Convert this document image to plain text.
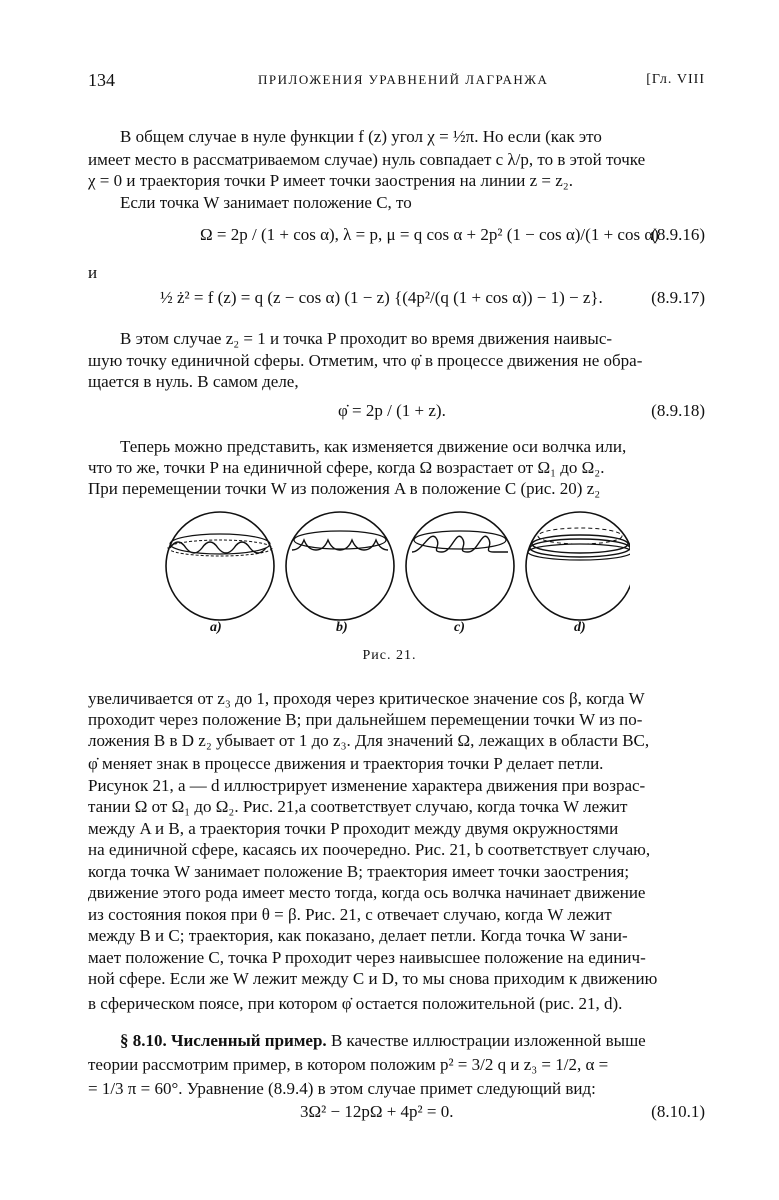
134	ПРИЛОЖЕНИЯ УРАВНЕНИЙ ЛАГРАНЖА	[Гл. VIII
В общем случае в нуле функции f (z) угол χ = ½π. Но если (как это
имеет место в рассматриваемом случае) нуль совпадает с λ/p, то в этой точке
χ = 0 и траектория точки P имеет точки заострения на линии z = z₂.
Если точка W занимает положение C, то
Ω = 2p / (1 + cos α), λ = p, μ = q cos α + 2p² (1 − cos α)/(1 + cos α)
(8.9.16)
и
½ ż² = f (z) = q (z − cos α) (1 − z) {(4p²/(q (1 + cos α)) − 1) − z}.	(8.9.17)
В этом случае z₂ = 1 и точка P проходит во время движения наивыс-
шую точку единичной сферы. Отметим, что φ̇ в процессе движения не обра-
щается в нуль. В самом деле,
φ̇ = 2p / (1 + z).	(8.9.18)
Теперь можно представить, как изменяется движение оси волчка или,
что то же, точки P на единичной сфере, когда Ω возрастает от Ω₁ до Ω₂.
При перемещении точки W из положения A в положение C (рис. 20) z₂
a)	b)	c)	d)
Рис. 21.
увеличивается от z₃ до 1, проходя через критическое значение cos β, когда W
проходит через положение B; при дальнейшем перемещении точки W из по-
ложения B в D z₂ убывает от 1 до z₃. Для значений Ω, лежащих в области BC,
φ̇ меняет знак в процессе движения и траектория точки P делает петли.
Рисунок 21, a — d иллюстрирует изменение характера движения при возрас-
тании Ω от Ω₁ до Ω₂. Рис. 21,a соответствует случаю, когда точка W лежит
между A и B, а траектория точки P проходит между двумя окружностями
на единичной сфере, касаясь их поочередно. Рис. 21, b соответствует случаю,
когда точка W занимает положение B; траектория имеет точки заострения;
движение этого рода имеет место тогда, когда ось волчка начинает движение
из состояния покоя при θ = β. Рис. 21, c отвечает случаю, когда W лежит
между B и C; траектория, как показано, делает петли. Когда точка W зани-
мает положение C, точка P проходит через наивысшее положение на единич-
ной сфере. Если же W лежит между C и D, то мы снова приходим к движению
в сферическом поясе, при котором φ̇ остается положительной (рис. 21, d).
§ 8.10. Численный пример. В качестве иллюстрации изложенной выше
теории рассмотрим пример, в котором положим p² = 3/2 q и z₃ = 1/2, α =
= 1/3 π = 60°. Уравнение (8.9.4) в этом случае примет следующий вид:
3Ω² − 12pΩ + 4p² = 0.	(8.10.1)
